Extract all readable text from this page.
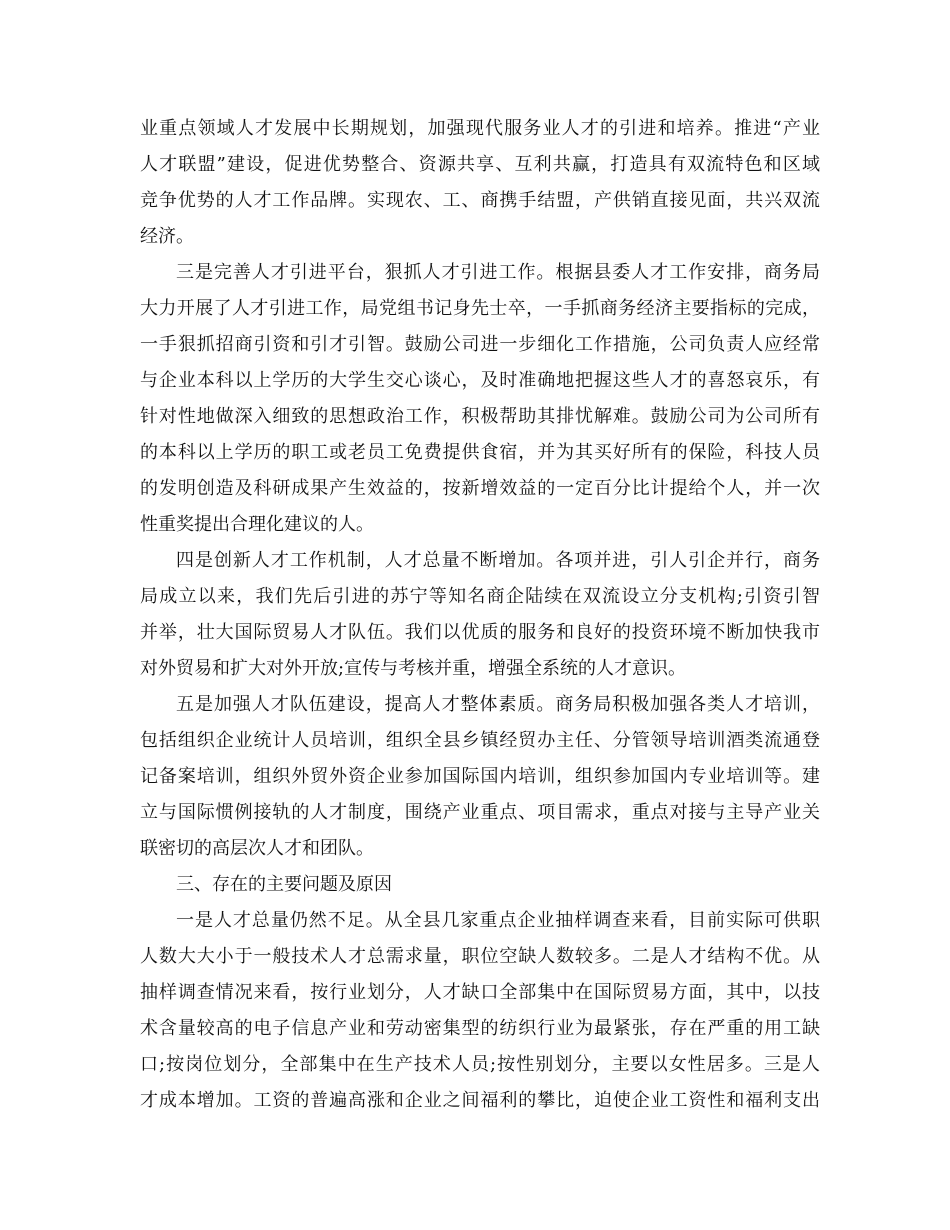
业重点领域人才发展中长期规划，加强现代服务业人才的引进和培养。推进“产业
人才联盟”建设，促进优势整合、资源共享、互利共赢，打造具有双流特色和区域
竞争优势的人才工作品牌。实现农、工、商携手结盟，产供销直接见面，共兴双流
经济。
三是完善人才引进平台，狠抓人才引进工作。根据县委人才工作安排，商务局
大力开展了人才引进工作，局党组书记身先士卒，一手抓商务经济主要指标的完成，
一手狠抓招商引资和引才引智。鼓励公司进一步细化工作措施，公司负责人应经常
与企业本科以上学历的大学生交心谈心，及时准确地把握这些人才的喜怒哀乐，有
针对性地做深入细致的思想政治工作，积极帮助其排忧解难。鼓励公司为公司所有
的本科以上学历的职工或老员工免费提供食宿，并为其买好所有的保险，科技人员
的发明创造及科研成果产生效益的，按新增效益的一定百分比计提给个人，并一次
性重奖提出合理化建议的人。
四是创新人才工作机制，人才总量不断增加。各项并进，引人引企并行，商务
局成立以来，我们先后引进的苏宁等知名商企陆续在双流设立分支机构;引资引智
并举，壮大国际贸易人才队伍。我们以优质的服务和良好的投资环境不断加快我市
对外贸易和扩大对外开放;宣传与考核并重，增强全系统的人才意识。
五是加强人才队伍建设，提高人才整体素质。商务局积极加强各类人才培训，
包括组织企业统计人员培训，组织全县乡镇经贸办主任、分管领导培训酒类流通登
记备案培训，组织外贸外资企业参加国际国内培训，组织参加国内专业培训等。建
立与国际惯例接轨的人才制度，围绕产业重点、项目需求，重点对接与主导产业关
联密切的高层次人才和团队。
三、存在的主要问题及原因
一是人才总量仍然不足。从全县几家重点企业抽样调查来看，目前实际可供职
人数大大小于一般技术人才总需求量，职位空缺人数较多。二是人才结构不优。从
抽样调查情况来看，按行业划分，人才缺口全部集中在国际贸易方面，其中，以技
术含量较高的电子信息产业和劳动密集型的纺织行业为最紧张，存在严重的用工缺
口;按岗位划分，全部集中在生产技术人员;按性别划分，主要以女性居多。三是人
才成本增加。工资的普遍高涨和企业之间福利的攀比，迫使企业工资性和福利支出
